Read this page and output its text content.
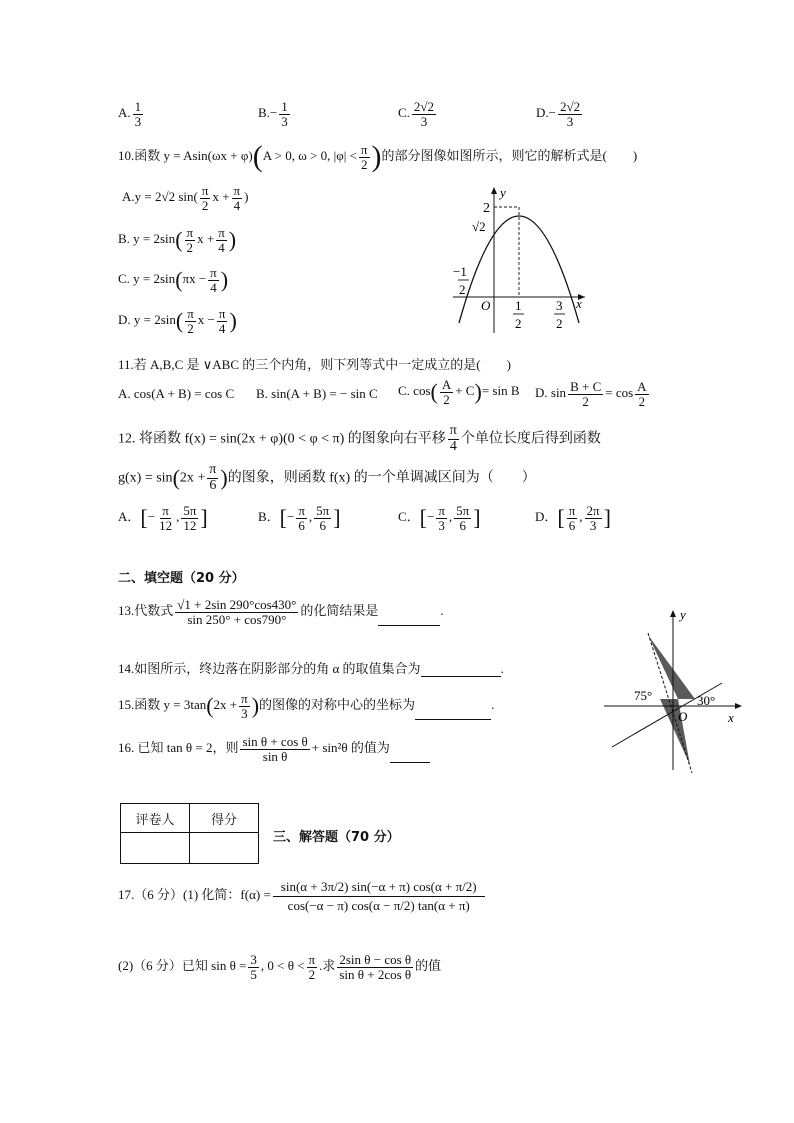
A. $\frac{1}{3}$	$B.- \frac{1}{3}$	C. $\frac{2√2}{3}$	$D.- \frac{2√2}{3}$
10.函数 y = Asin(ωx + φ)(A > 0, ω > 0, $|\varphi| < \frac{\pi}{2}$ )的部分图像如图所示，则它的解析式是(　　)
A.y = 2√2 $\sin( \frac{\pi}{2}$ $x + \frac{\pi}{4}$ )
B. $y = 2\sin( \frac{\pi}{2}$ $x + \frac{\pi}{4}$ )
C. $y = 2\sin(\pi x - \frac{\pi}{4}$ )
D. $y = 2\sin( \frac{\pi}{2}$ $x - \frac{\pi}{4}$ )
y
x
O
2
√2
−1
2
1
2
3
2
11.若 A,B,C 是 ∨ABC 的三个内角，则下列等式中一定成立的是(　　)
A. cos(A + B) = cos C B. sin(A + B) = − sin C C. $\cos( \frac{A}{2} + C)= \sin B$ D. $\sin \frac{B + C}{2} = \cos \frac{A}{2}$
12. 将函数 f(x) = sin(2x + φ)(0 < φ < π) 的图象向右平移 $\frac{\pi}{4}$ 个单位长度后得到函数
$g(x) = \sin(2x + \frac{\pi}{6}$ )的图象，则函数 f(x) 的一个单调减区间为（　　）
A．[− $\frac{\pi}{12}$ , $\frac{5\pi}{12}$ ]	B．[− $\frac{\pi}{6}$ , $\frac{5\pi}{6}$ ]	C．[− $\frac{\pi}{3}$ , $\frac{5\pi}{6}$ ]	D．[ $\frac{\pi}{6}$ , $\frac{2\pi}{3}$ ]
二、填空题（20 分）
13.代数式 $\frac{√1 + 2\sin 290^\circ\cos 430^\circ}{\sin 250^\circ + \cos 790^\circ}$ 的化简结果是	.
14.如图所示，终边落在阴影部分的角 α 的取值集合为	.
15.函数 $y = 3\tan(2x + \frac{\pi}{3}$ )的图像的对称中心的坐标为	.
16. 已知 tan θ = 2，则 $\frac{\text{sin θ + cos θ}}{\text{sin θ}} + \sin^2\theta$ 的值为
y
x
O
75°	30°
评卷人	得分

三、解答题（70 分）
17.（6 分）(1) 化简：$f(\alpha) = \frac{\sin(\alpha + 3\pi/2) \sin(-\alpha + \pi) \cos(\alpha + \pi/2)}{\cos(-\alpha - \pi) \cos(\alpha - \pi/2) \tan(\alpha + \pi)}$
(2)（6 分）已知 $\sin \theta = \frac{3}{5}$ , $0 < \theta < \frac{\pi}{2}$ .求 $\frac{\text{2sin θ − cos θ}}{\text{sin θ + 2cos θ}}$ 的值
